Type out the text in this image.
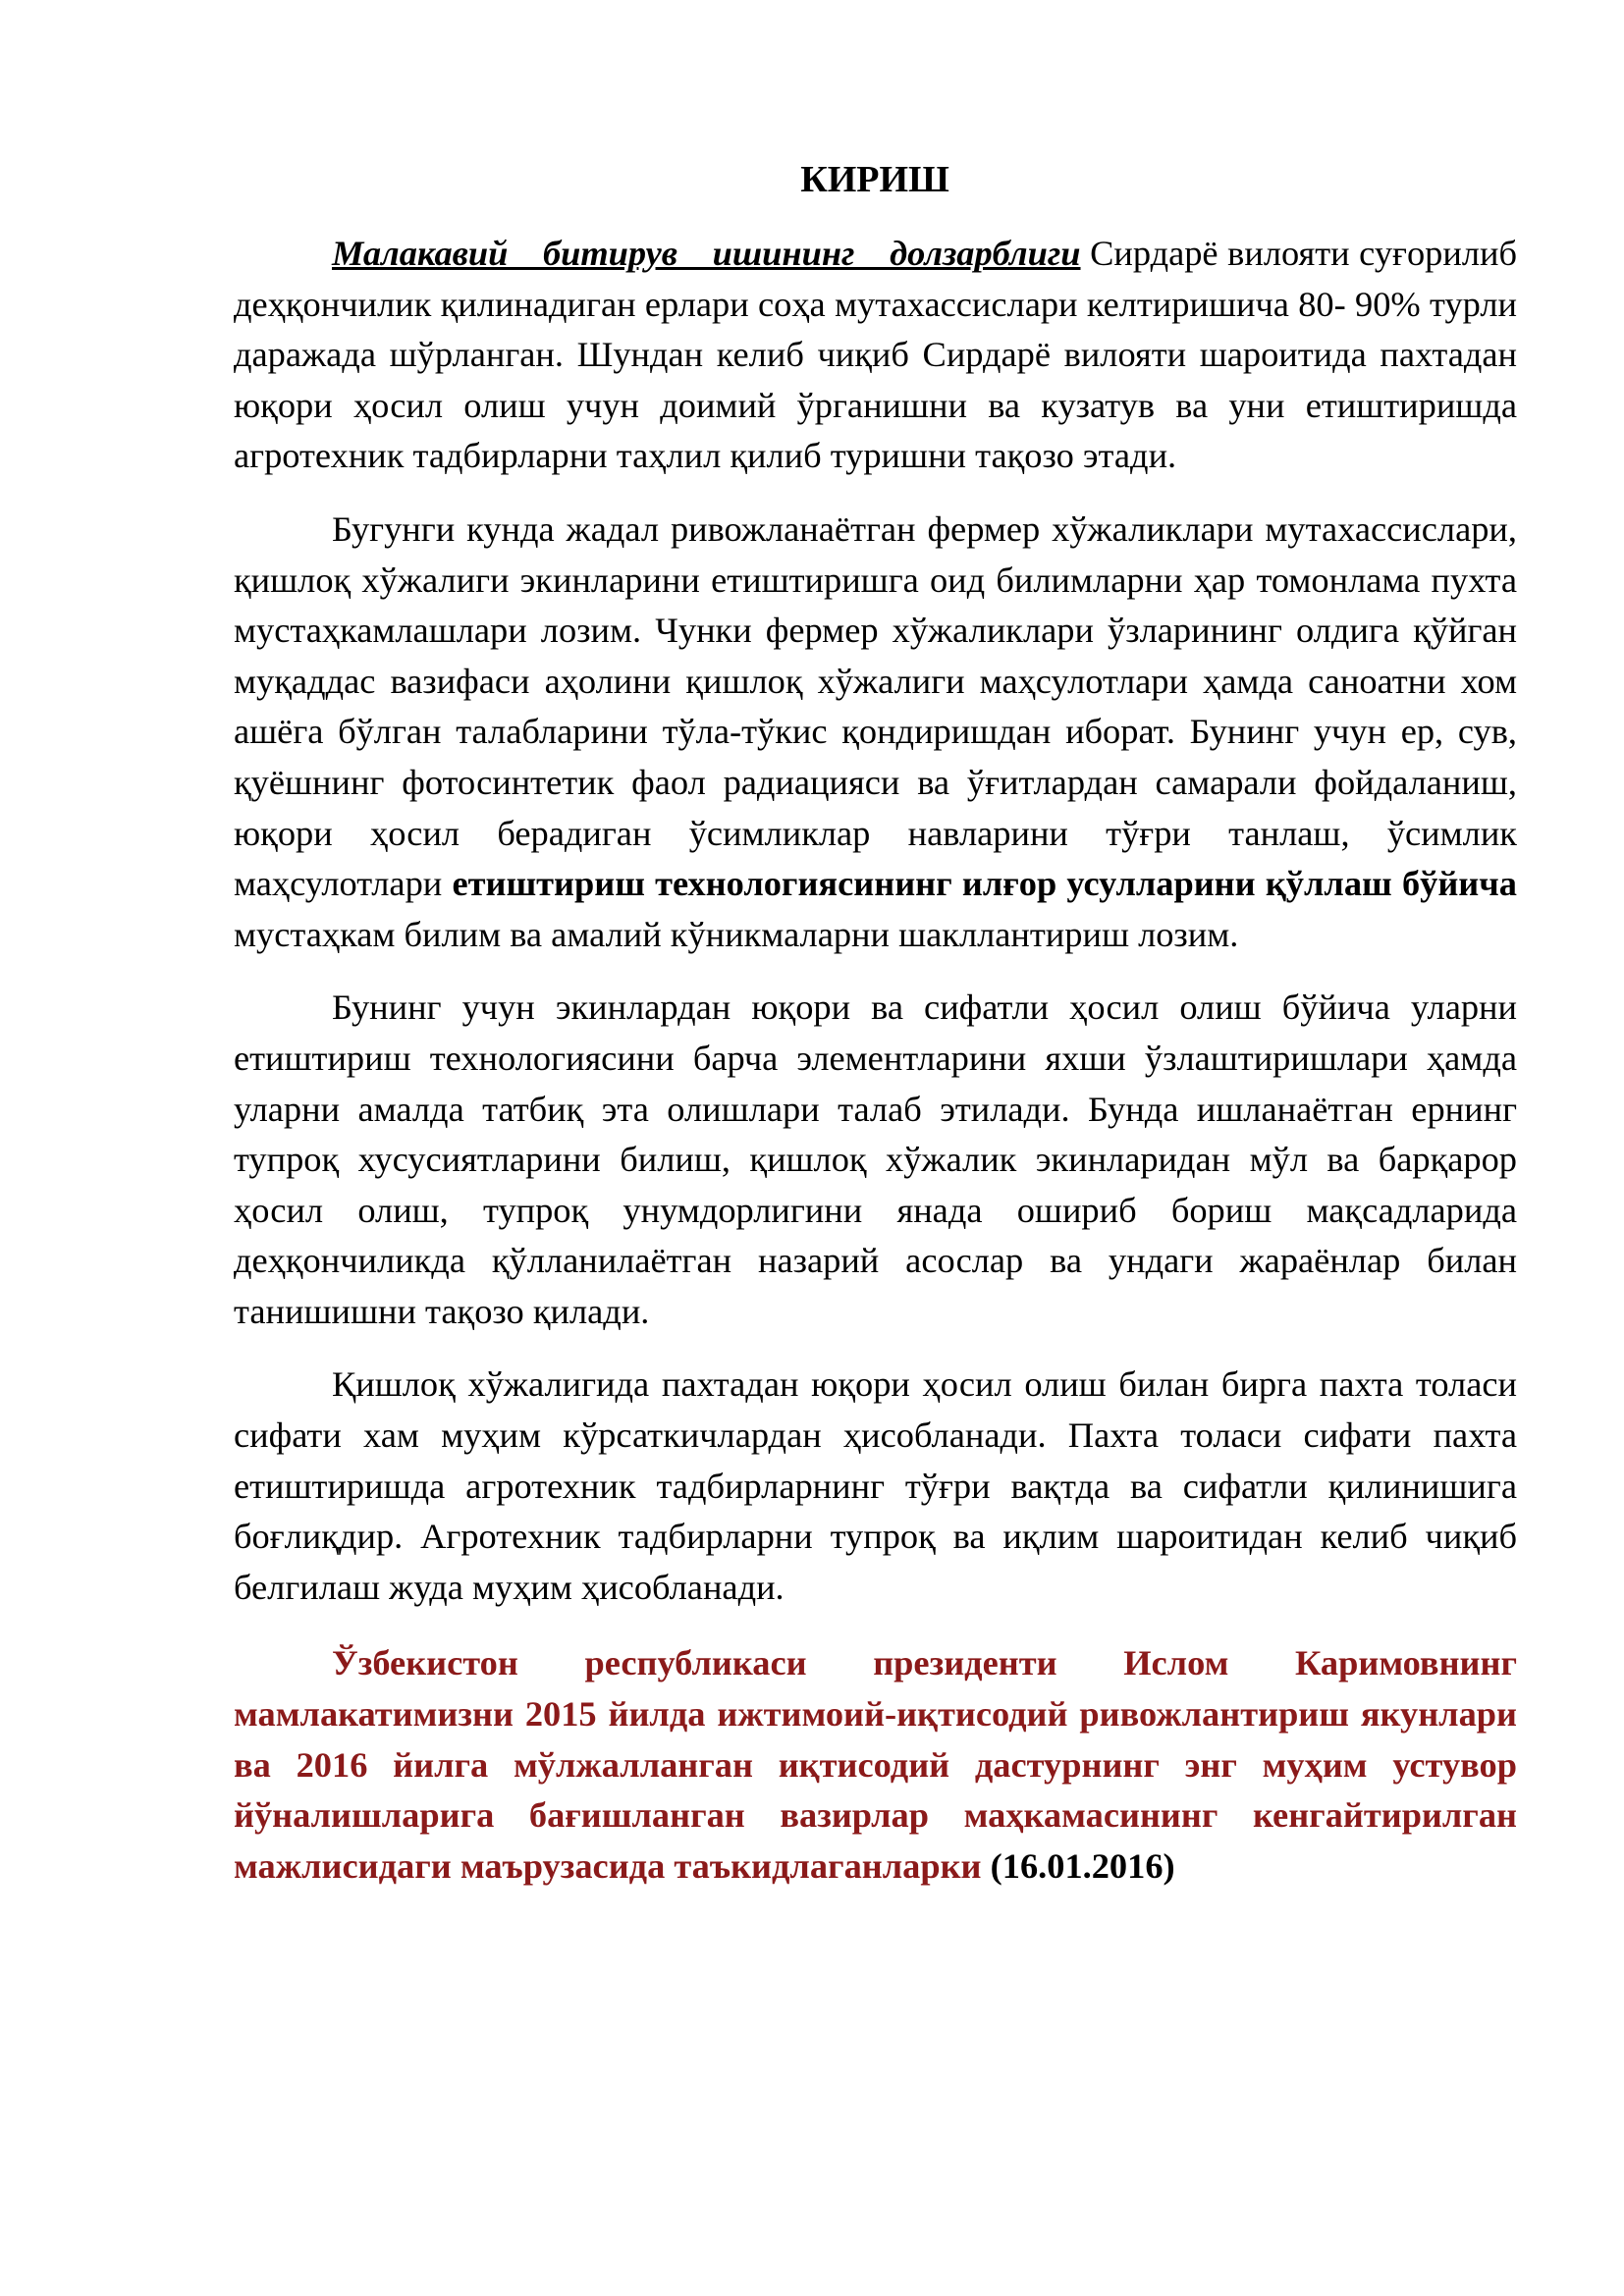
КИРИШ

Малакавий битирув ишининг долзарблиги Сирдарё вилояти суғорилиб деҳқончилик қилинадиган ерлари соҳа мутахассислари келтиришича 80- 90% турли даражада шўрланган. Шундан келиб чиқиб Сирдарё вилояти шароитида пахтадан юқори ҳосил олиш учун доимий ўрганишни ва кузатув ва уни етиштиришда агротехник тадбирларни таҳлил қилиб туришни тақозо этади.

Бугунги кунда жадал ривожланаётган фермер хўжаликлари мутахассислари, қишлоқ хўжалиги экинларини етиштиришга оид билимларни ҳар томонлама пухта мустаҳкамлашлари лозим. Чунки фермер хўжаликлари ўзларининг олдига қўйган муқаддас вазифаси аҳолини қишлоқ хўжалиги маҳсулотлари ҳамда саноатни хом ашёга бўлган талабларини тўла-тўкис қондиришдан иборат. Бунинг учун ер, сув, қуёшнинг фотосинтетик фаол радиацияси ва ўғитлардан самарали фойдаланиш, юқори ҳосил берадиган ўсимликлар навларини тўғри танлаш, ўсимлик маҳсулотлари етиштириш технологиясининг илғор усулларини қўллаш бўйича мустаҳкам билим ва амалий кўникмаларни шакллантириш лозим.

Бунинг учун экинлардан юқори ва сифатли ҳосил олиш бўйича уларни етиштириш технологиясини барча элементларини яхши ўзлаштиришлари ҳамда уларни амалда татбиқ эта олишлари талаб этилади. Бунда ишланаётган ернинг тупроқ хусусиятларини билиш, қишлоқ хўжалик экинларидан мўл ва барқарор ҳосил олиш, тупроқ унумдорлигини янада ошириб бориш мақсадларида деҳқончиликда қўлланилаётган назарий асослар ва ундаги жараёнлар билан танишишни тақозо қилади.

Қишлоқ хўжалигида пахтадан юқори ҳосил олиш билан бирга пахта толаси сифати хам муҳим кўрсаткичлардан ҳисобланади. Пахта толаси сифати пахта етиштиришда агротехник тадбирларнинг тўғри вақтда ва сифатли қилинишига боғлиқдир. Агротехник тадбирларни тупроқ ва иқлим шароитидан келиб чиқиб белгилаш жуда муҳим ҳисобланади.

Ўзбекистон республикаси президенти Ислом Каримовнинг мамлакатимизни 2015 йилда ижтимоий-иқтисодий ривожлантириш якунлари ва 2016 йилга мўлжалланган иқтисодий дастурнинг энг муҳим устувор йўналишларига бағишланган вазирлар маҳкамасининг кенгайтирилган мажлисидаги маърузасида таъкидлаганларки (16.01.2016)
